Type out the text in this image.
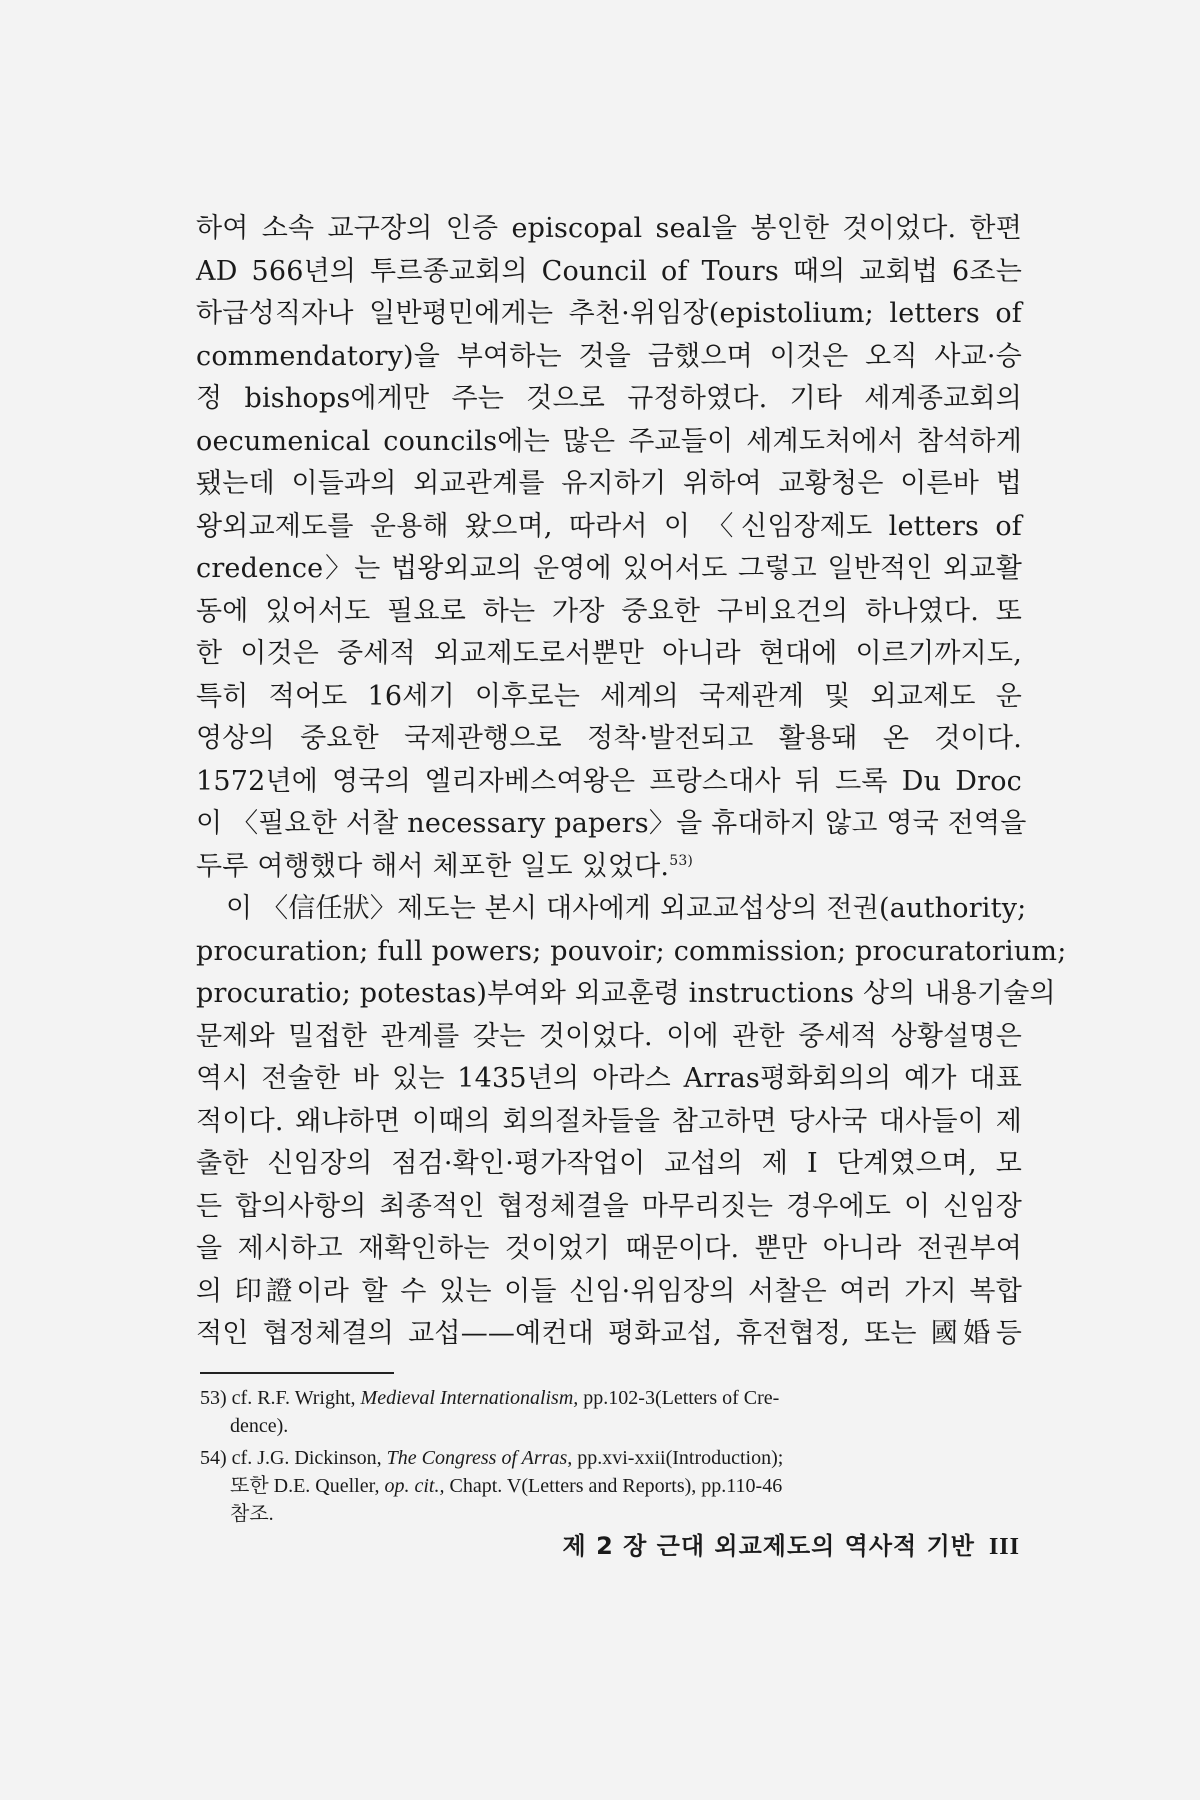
하여 소속 교구장의 인증 episcopal seal을 봉인한 것이었다. 한편
AD 566년의 투르종교회의 Council of Tours 때의 교회법 6조는
하급성직자나 일반평민에게는 추천·위임장(epistolium; letters of
commendatory)을 부여하는 것을 금했으며 이것은 오직 사교·승
정 bishops에게만 주는 것으로 규정하였다. 기타 세계종교회의
oecumenical councils에는 많은 주교들이 세계도처에서 참석하게
됐는데 이들과의 외교관계를 유지하기 위하여 교황청은 이른바 법
왕외교제도를 운용해 왔으며, 따라서 이 〈신임장제도 letters of
credence〉는 법왕외교의 운영에 있어서도 그렇고 일반적인 외교활
동에 있어서도 필요로 하는 가장 중요한 구비요건의 하나였다. 또
한 이것은 중세적 외교제도로서뿐만 아니라 현대에 이르기까지도,
특히 적어도 16세기 이후로는 세계의 국제관계 및 외교제도 운
영상의 중요한 국제관행으로 정착·발전되고 활용돼 온 것이다.
1572년에 영국의 엘리자베스여왕은 프랑스대사 뒤 드록 Du Droc
이 〈필요한 서찰 necessary papers〉을 휴대하지 않고 영국 전역을
두루 여행했다 해서 체포한 일도 있었다.$^{53)}$
이 〈信任狀〉제도는 본시 대사에게 외교교섭상의 전권(authority;
procuration; full powers; pouvoir; commission; procuratorium;
procuratio; potestas)부여와 외교훈령 instructions 상의 내용기술의
문제와 밀접한 관계를 갖는 것이었다. 이에 관한 중세적 상황설명은
역시 전술한 바 있는 1435년의 아라스 Arras평화회의의 예가 대표
적이다. 왜냐하면 이때의 회의절차들을 참고하면 당사국 대사들이 제
출한 신임장의 점검·확인·평가작업이 교섭의 제 I 단계였으며, 모
든 합의사항의 최종적인 협정체결을 마무리짓는 경우에도 이 신임장
을 제시하고 재확인하는 것이었기 때문이다. 뿐만 아니라 전권부여
의 印證이라 할 수 있는 이들 신임·위임장의 서찰은 여러 가지 복합
적인 협정체결의 교섭——예컨대 평화교섭, 휴전협정, 또는 國婚등
53) cf. R.F. Wright, Medieval Internationalism, pp.102-3(Letters of Cre-
dence).
54) cf. J.G. Dickinson, The Congress of Arras, pp.xvi-xxii(Introduction);
또한 D.E. Queller, op. cit., Chapt. V(Letters and Reports), pp.110-46
참조.
제 2 장 근대 외교제도의 역사적 기반 III
